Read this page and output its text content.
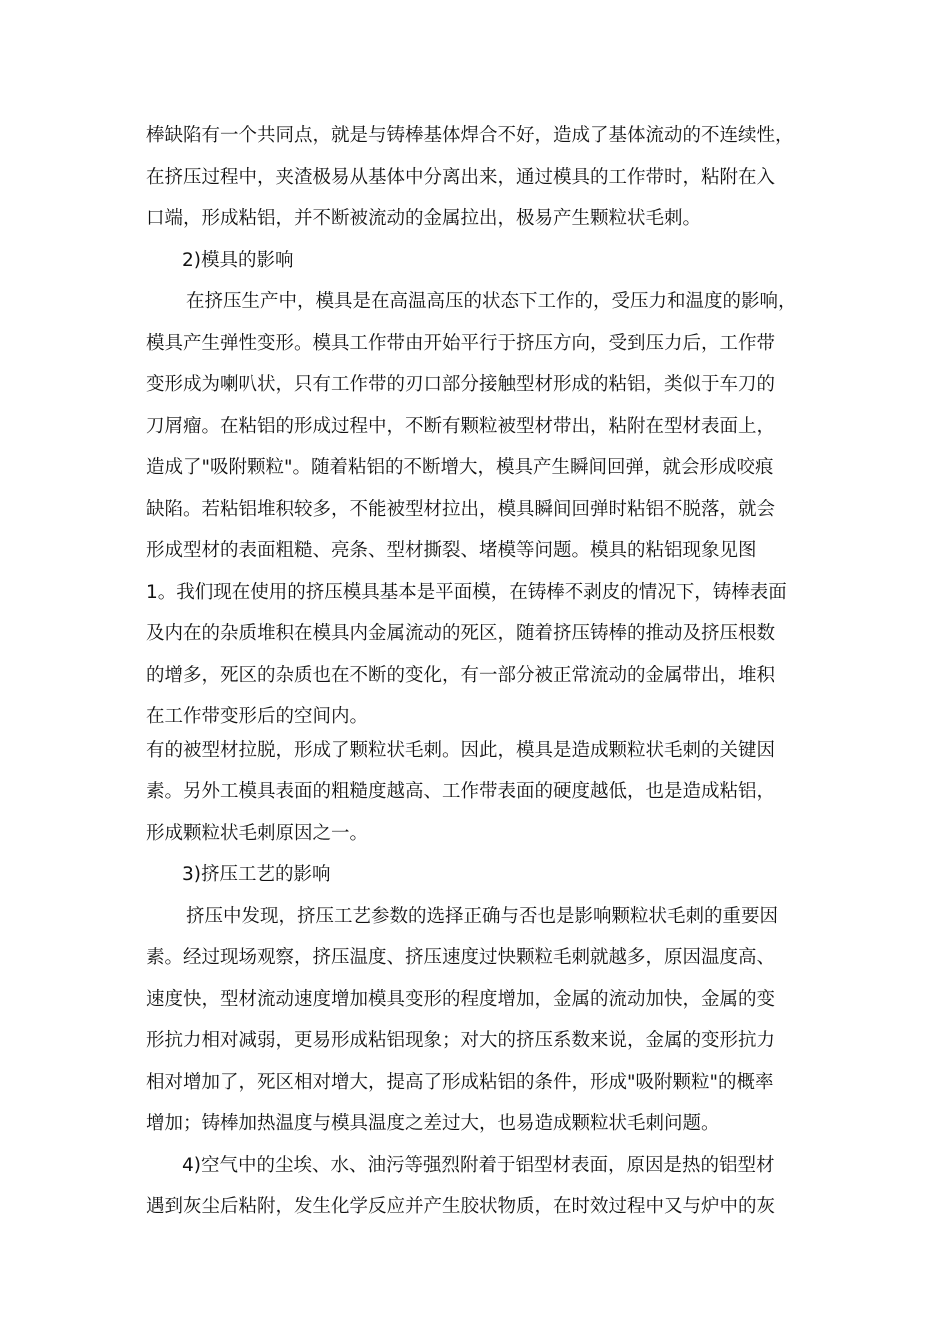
棒缺陷有一个共同点，就是与铸棒基体焊合不好，造成了基体流动的不连续性，

在挤压过程中，夹渣极易从基体中分离出来，通过模具的工作带时，粘附在入

口端，形成粘铝，并不断被流动的金属拉出，极易产生颗粒状毛刺。

2)模具的影响

在挤压生产中，模具是在高温高压的状态下工作的，受压力和温度的影响，

模具产生弹性变形。模具工作带由开始平行于挤压方向，受到压力后，工作带

变形成为喇叭状，只有工作带的刃口部分接触型材形成的粘铝，类似于车刀的

刀屑瘤。在粘铝的形成过程中，不断有颗粒被型材带出，粘附在型材表面上，

造成了"吸附颗粒"。随着粘铝的不断增大，模具产生瞬间回弹，就会形成咬痕

缺陷。若粘铝堆积较多，不能被型材拉出，模具瞬间回弹时粘铝不脱落，就会

形成型材的表面粗糙、亮条、型材撕裂、堵模等问题。模具的粘铝现象见图

1。我们现在使用的挤压模具基本是平面模，在铸棒不剥皮的情况下，铸棒表面

及内在的杂质堆积在模具内金属流动的死区，随着挤压铸棒的推动及挤压根数

的增多，死区的杂质也在不断的变化，有一部分被正常流动的金属带出，堆积

在工作带变形后的空间内。

有的被型材拉脱，形成了颗粒状毛刺。因此，模具是造成颗粒状毛刺的关键因

素。另外工模具表面的粗糙度越高、工作带表面的硬度越低，也是造成粘铝，

形成颗粒状毛刺原因之一。

3)挤压工艺的影响

挤压中发现，挤压工艺参数的选择正确与否也是影响颗粒状毛刺的重要因

素。经过现场观察，挤压温度、挤压速度过快颗粒毛刺就越多，原因温度高、

速度快，型材流动速度增加模具变形的程度增加，金属的流动加快，金属的变

形抗力相对减弱，更易形成粘铝现象；对大的挤压系数来说，金属的变形抗力

相对增加了，死区相对增大，提高了形成粘铝的条件，形成"吸附颗粒"的概率

增加；铸棒加热温度与模具温度之差过大，也易造成颗粒状毛刺问题。

4)空气中的尘埃、水、油污等强烈附着于铝型材表面，原因是热的铝型材

遇到灰尘后粘附，发生化学反应并产生胶状物质，在时效过程中又与炉中的灰
